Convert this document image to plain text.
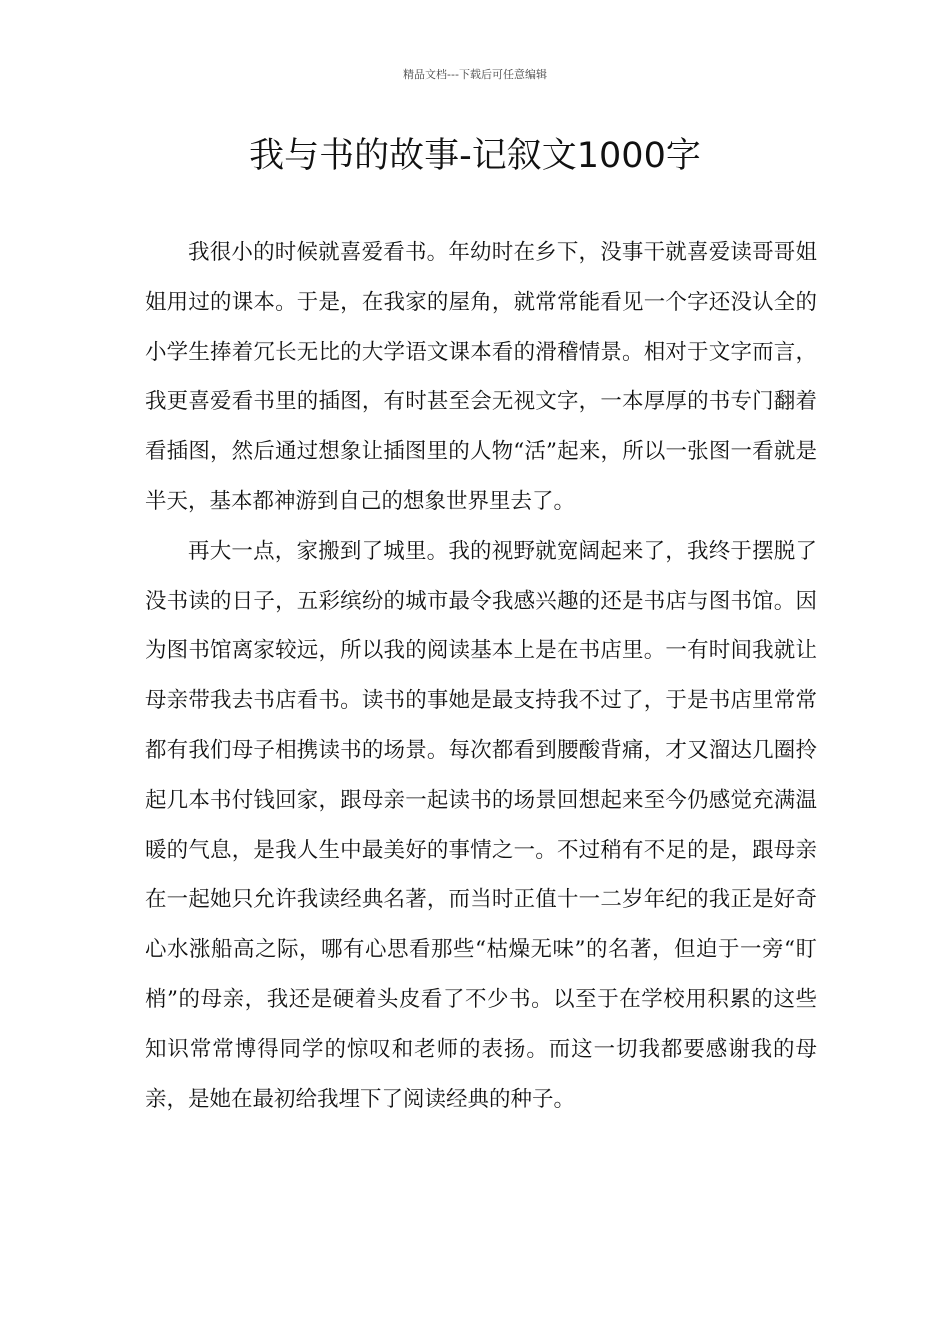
精品文档---下载后可任意编辑
我与书的故事-记叙文1000字

我很小的时候就喜爱看书。年幼时在乡下，没事干就喜爱读哥哥姐姐用过的课本。于是，在我家的屋角，就常常能看见一个字还没认全的小学生捧着冗长无比的大学语文课本看的滑稽情景。相对于文字而言，我更喜爱看书里的插图，有时甚至会无视文字，一本厚厚的书专门翻着看插图，然后通过想象让插图里的人物“活”起来，所以一张图一看就是半天，基本都神游到自己的想象世界里去了。

再大一点，家搬到了城里。我的视野就宽阔起来了，我终于摆脱了没书读的日子，五彩缤纷的城市最令我感兴趣的还是书店与图书馆。因为图书馆离家较远，所以我的阅读基本上是在书店里。一有时间我就让母亲带我去书店看书。读书的事她是最支持我不过了，于是书店里常常都有我们母子相携读书的场景。每次都看到腰酸背痛，才又溜达几圈拎起几本书付钱回家，跟母亲一起读书的场景回想起来至今仍感觉充满温暖的气息，是我人生中最美好的事情之一。不过稍有不足的是，跟母亲在一起她只允许我读经典名著，而当时正值十一二岁年纪的我正是好奇心水涨船高之际，哪有心思看那些“枯燥无味”的名著，但迫于一旁“盯梢”的母亲，我还是硬着头皮看了不少书。以至于在学校用积累的这些知识常常博得同学的惊叹和老师的表扬。而这一切我都要感谢我的母亲，是她在最初给我埋下了阅读经典的种子。
